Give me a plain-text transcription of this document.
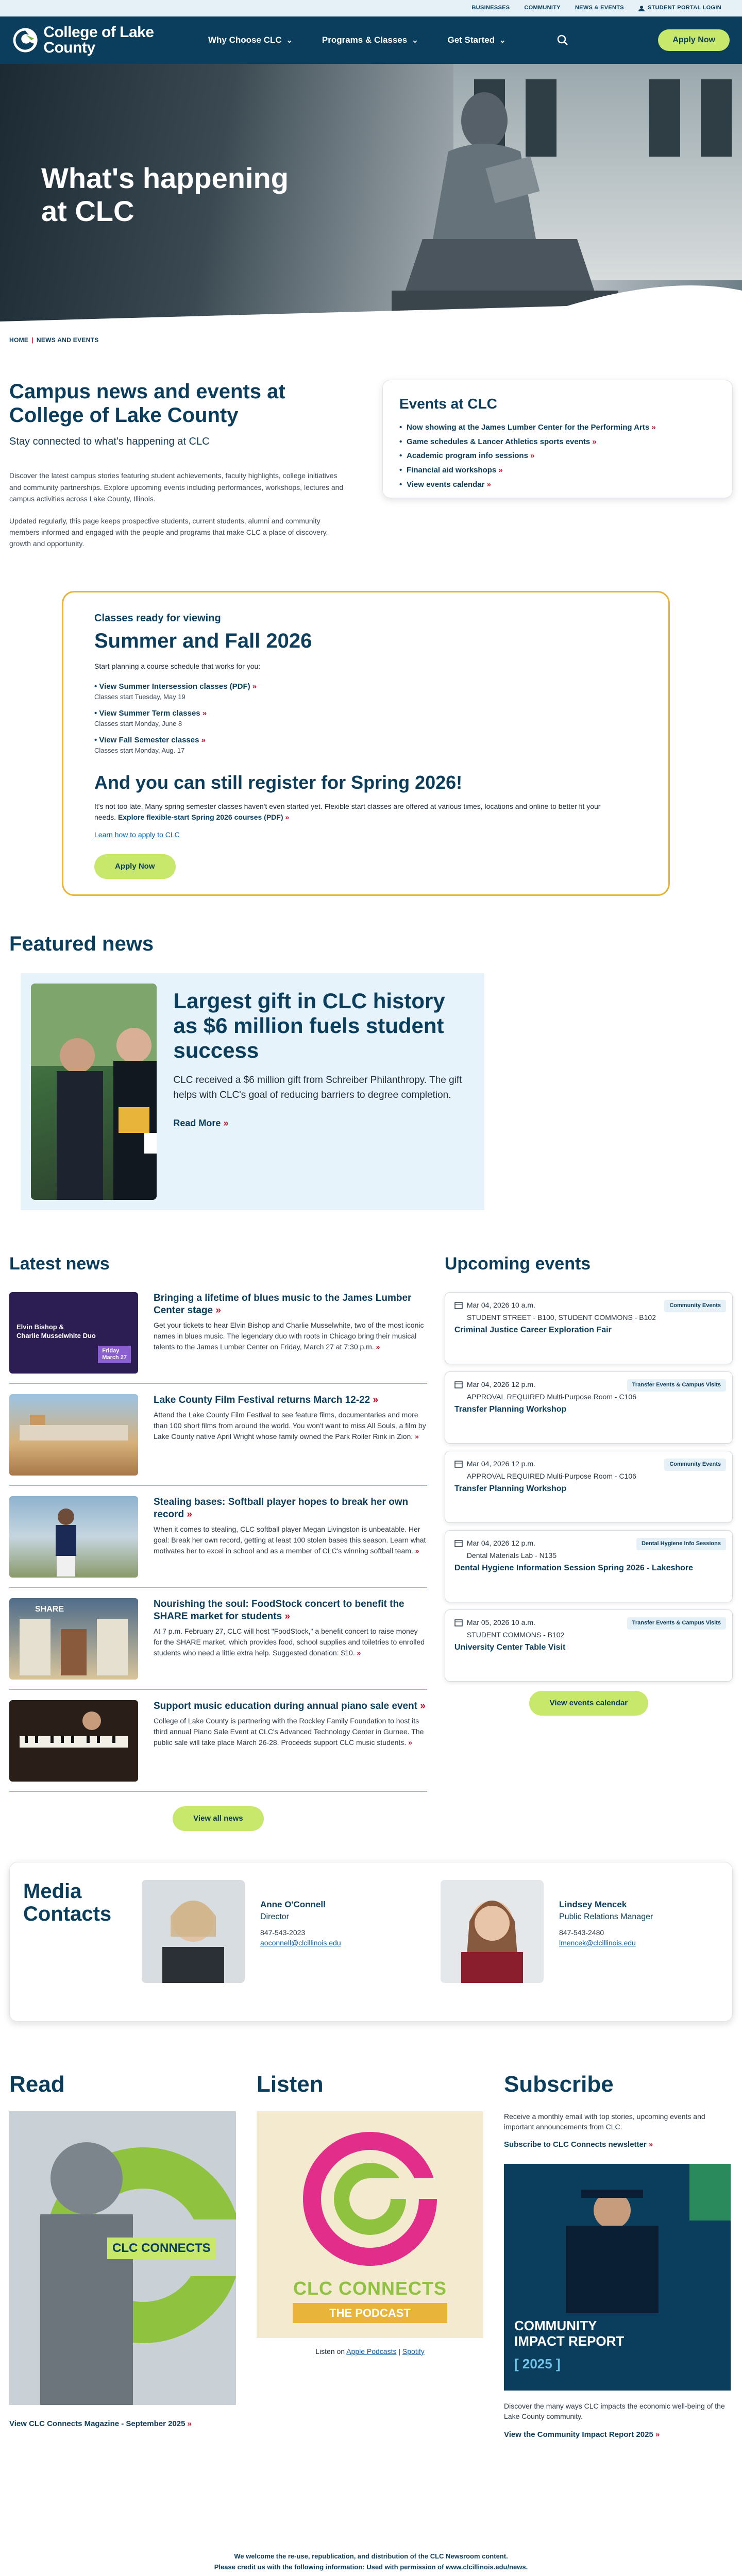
BUSINESSES	COMMUNITY	NEWS & EVENTS	STUDENT PORTAL LOGIN
College of Lake County	Why Choose CLC ⌄	Programs & Classes ⌄	Get Started ⌄	Apply Now
What's happening at CLC
HOME | NEWS AND EVENTS
Campus news and events at College of Lake County
Stay connected to what's happening at CLC

Discover the latest campus stories featuring student achievements, faculty highlights, college initiatives and community partnerships. Explore upcoming events including performances, workshops, lectures and campus activities across Lake County, Illinois.

Updated regularly, this page keeps prospective students, current students, alumni and community members informed and engaged with the people and programs that make CLC a place of discovery, growth and opportunity.

Events at CLC
• Now showing at the James Lumber Center for the Performing Arts »
• Game schedules & Lancer Athletics sports events »
• Academic program info sessions »
• Financial aid workshops »
• View events calendar »
Classes ready for viewing
Summer and Fall 2026
Start planning a course schedule that works for you:
• View Summer Intersession classes (PDF) »
Classes start Tuesday, May 19
• View Summer Term classes »
Classes start Monday, June 8
• View Fall Semester classes »
Classes start Monday, Aug. 17
And you can still register for Spring 2026!
It's not too late. Many spring semester classes haven't even started yet. Flexible start classes are offered at various times, locations and online to better fit your needs. Explore flexible-start Spring 2026 courses (PDF) »
Learn how to apply to CLC
Apply Now
Featured news
Largest gift in CLC history as $6 million fuels student success

CLC received a $6 million gift from Schreiber Philanthropy. The gift helps with CLC's goal of reducing barriers to degree completion.

Read More »
Latest news
Elvin Bishop &
Charlie Musselwhite Duo
Friday
March 27
Bringing a lifetime of blues music to the James Lumber Center stage »

Get your tickets to hear Elvin Bishop and Charlie Musselwhite, two of the most iconic names in blues music. The legendary duo with roots in Chicago bring their musical talents to the James Lumber Center on Friday, March 27 at 7:30 p.m. »

Lake County Film Festival returns March 12-22 »

Attend the Lake County Film Festival to see feature films, documentaries and more than 100 short films from around the world. You won't want to miss All Souls, a film by Lake County native April Wright whose family owned the Park Roller Rink in Zion. »

Stealing bases: Softball player hopes to break her own record »

When it comes to stealing, CLC softball player Megan Livingston is unbeatable. Her goal: Break her own record, getting at least 100 stolen bases this season. Learn what motivates her to excel in school and as a member of CLC's winning softball team. »

SHARE	Nourishing the soul: FoodStock concert to benefit the SHARE market for students »

At 7 p.m. February 27, CLC will host "FoodStock," a benefit concert to raise money for the SHARE market, which provides food, school supplies and toiletries to enrolled students who need a little extra help. Suggested donation: $10. »

Support music education during annual piano sale event »

College of Lake County is partnering with the Rockley Family Foundation to host its third annual Piano Sale Event at CLC's Advanced Technology Center in Gurnee. The public sale will take place March 26-28. Proceeds support CLC music students. »

View all news
Upcoming events
Community Events
Mar 04, 2026 10 a.m.
STUDENT STREET - B100, STUDENT COMMONS - B102
Criminal Justice Career Exploration Fair
Transfer Events & Campus Visits
Mar 04, 2026 12 p.m.
APPROVAL REQUIRED Multi-Purpose Room - C106
Transfer Planning Workshop
Community Events
Mar 04, 2026 12 p.m.
APPROVAL REQUIRED Multi-Purpose Room - C106
Transfer Planning Workshop
Dental Hygiene Info Sessions
Mar 04, 2026 12 p.m.
Dental Materials Lab - N135
Dental Hygiene Information Session Spring 2026 - Lakeshore
Transfer Events & Campus Visits
Mar 05, 2026 10 a.m.
STUDENT COMMONS - B102
University Center Table Visit
View events calendar
Media Contacts	Anne O'Connell
Director
847-543-2023
aoconnell@clcillinois.edu
Lindsey Mencek
Public Relations Manager
847-543-2480
lmencek@clcillinois.edu
Read
CLC CONNECTS
View CLC Connects Magazine - September 2025 »
Listen
CLC CONNECTS
THE PODCAST
Listen on Apple Podcasts | Spotify
Subscribe

Receive a monthly email with top stories, upcoming events and important announcements from CLC.

Subscribe to CLC Connects newsletter »
COMMUNITY IMPACT REPORT
[ 2025 ]

Discover the many ways CLC impacts the economic well-being of the Lake County community.

View the Community Impact Report 2025 »
We welcome the re-use, republication, and distribution of the CLC Newsroom content.
Please credit us with the following information: Used with permission of www.clcillinois.edu/news.
